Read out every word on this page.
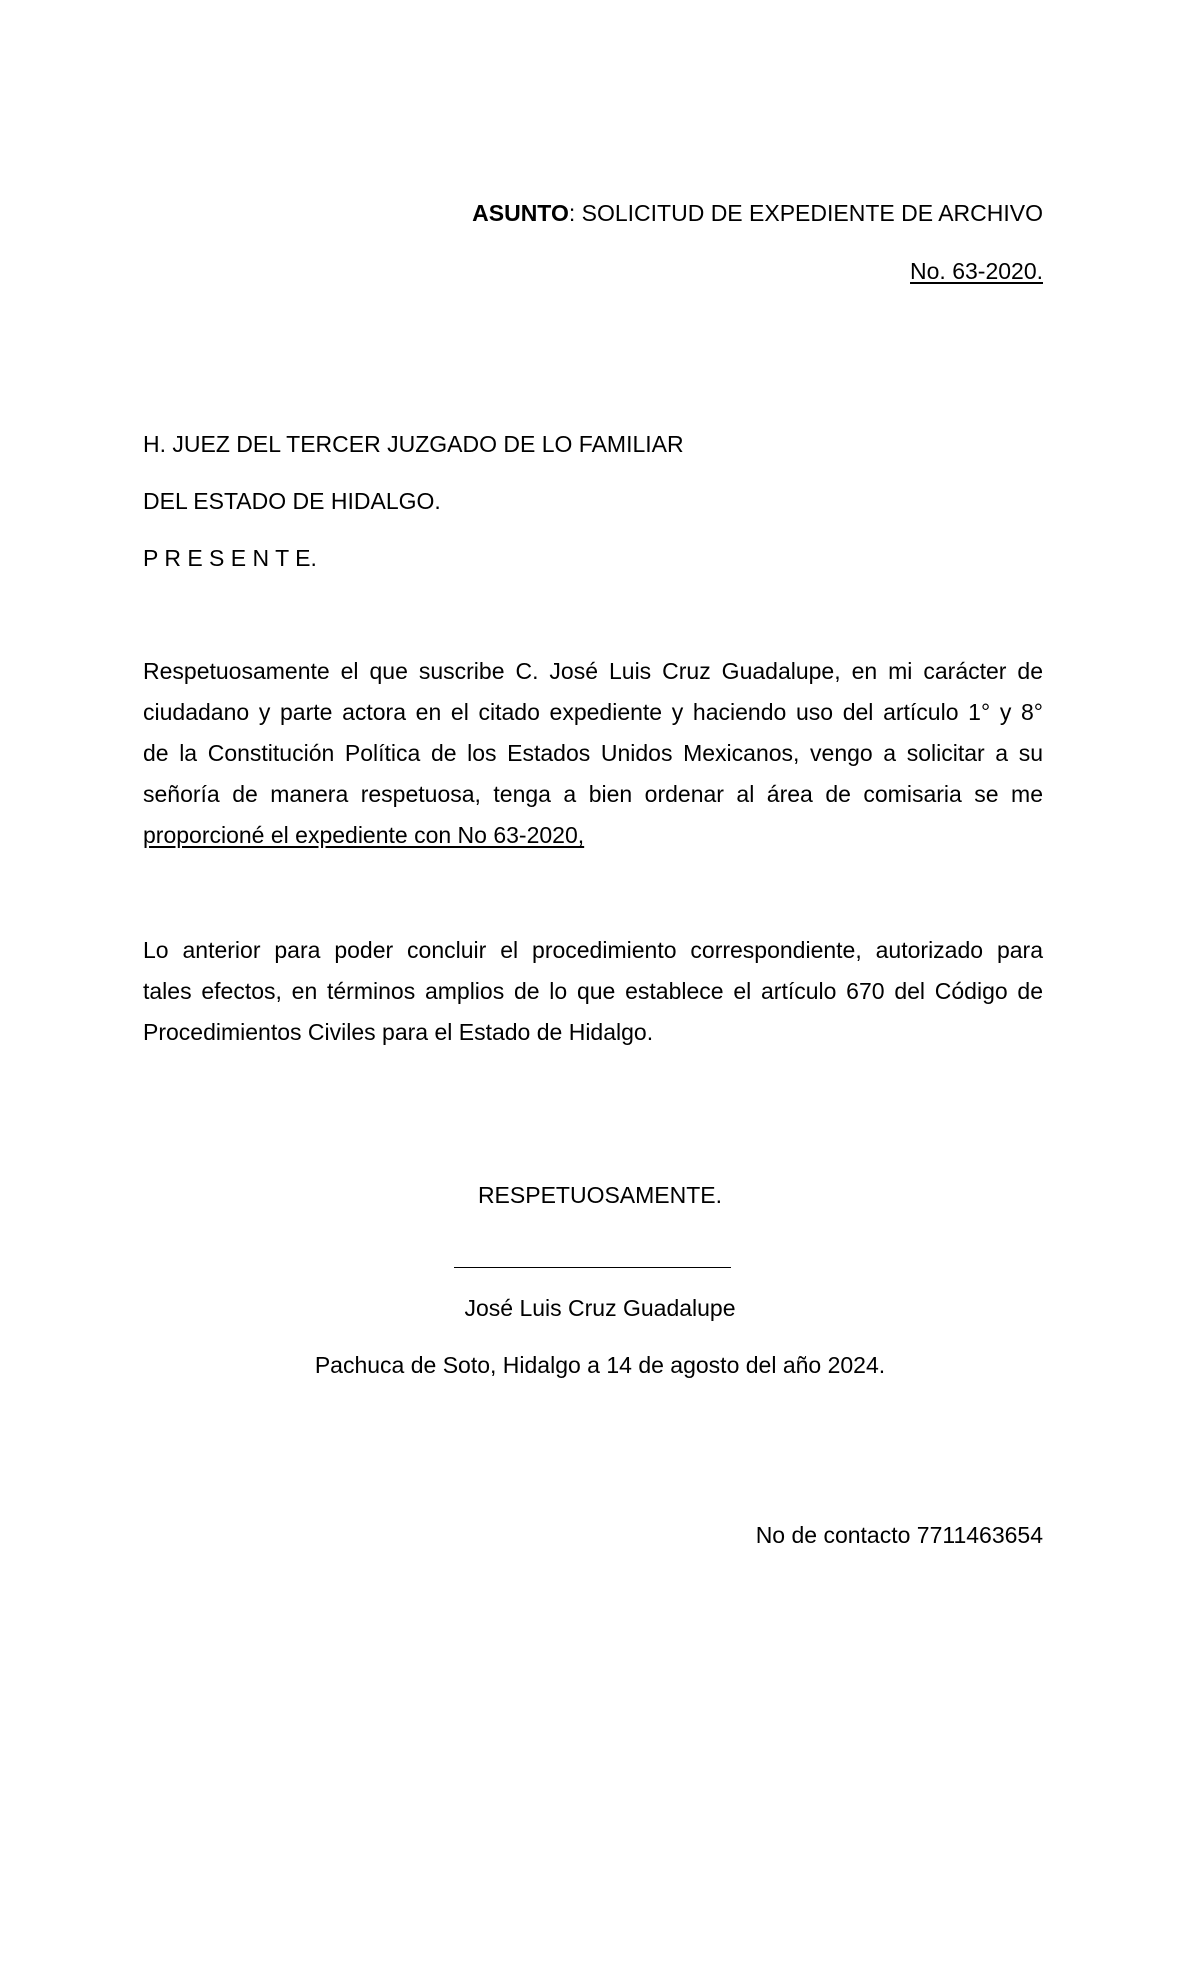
ASUNTO: SOLICITUD DE EXPEDIENTE DE ARCHIVO
No. 63-2020.
H. JUEZ DEL TERCER JUZGADO DE LO FAMILIAR
DEL ESTADO DE HIDALGO.
P R E S E N T E.
Respetuosamente el que suscribe C. José Luis Cruz Guadalupe, en mi carácter de
ciudadano y parte actora en el citado expediente y haciendo uso del artículo 1° y 8°
de la Constitución Política de los Estados Unidos Mexicanos, vengo a solicitar a su
señoría de manera respetuosa, tenga a bien ordenar al área de comisaria se me
proporcioné el expediente con No 63-2020,
Lo anterior para poder concluir el procedimiento correspondiente, autorizado para
tales efectos, en términos amplios de lo que establece el artículo 670 del Código de
Procedimientos Civiles para el Estado de Hidalgo.
RESPETUOSAMENTE.
José Luis Cruz Guadalupe
Pachuca de Soto, Hidalgo a 14 de agosto del año 2024.
No de contacto 7711463654
